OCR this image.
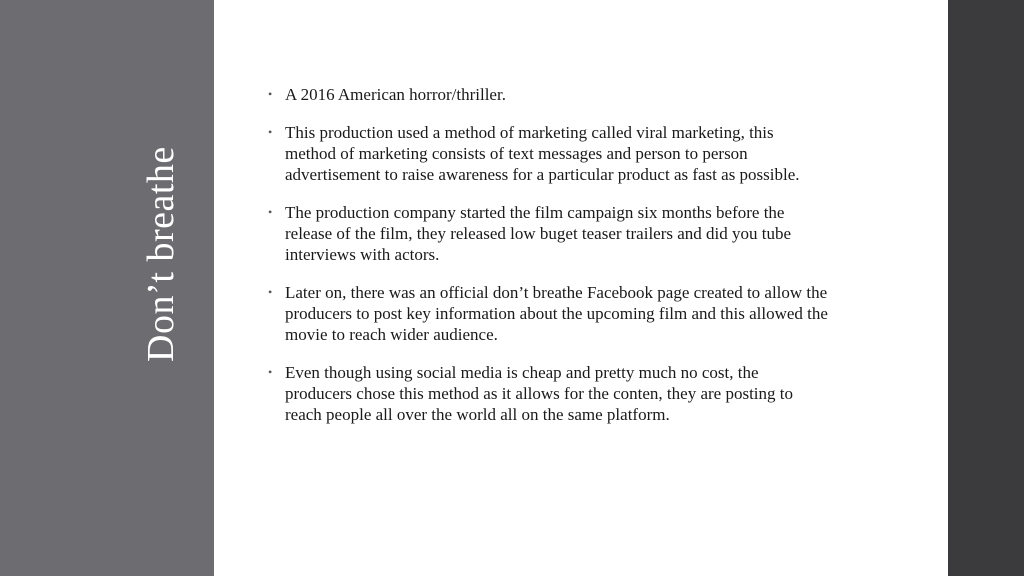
Don’t breathe
• A 2016 American horror/thriller.
• This production used a method of marketing called viral marketing, this method of marketing consists of text messages and person to person advertisement to raise awareness for a particular product as fast as possible.
• The production company started the film campaign six months before the release of the film, they released low buget teaser trailers and did you tube interviews with actors.
• Later on, there was an official don’t breathe Facebook page created to allow the producers to post key information about the upcoming film and this allowed the movie to reach wider audience.
• Even though using social media is cheap and pretty much no cost, the producers chose this method as it allows for the conten, they are posting to reach people all over the world all on the same platform.
